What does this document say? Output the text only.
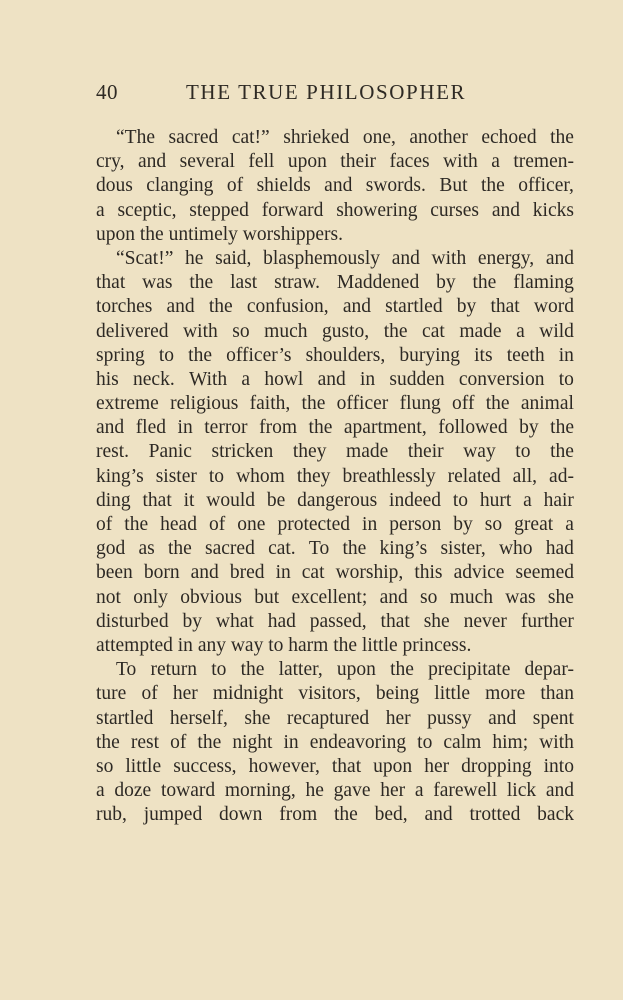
40	THE TRUE PHILOSOPHER
“The sacred cat!” shrieked one, another echoed the
cry, and several fell upon their faces with a tremen-
dous clanging of shields and swords. But the officer,
a sceptic, stepped forward showering curses and kicks
upon the untimely worshippers.
“Scat!” he said, blasphemously and with energy, and
that was the last straw. Maddened by the flaming
torches and the confusion, and startled by that word
delivered with so much gusto, the cat made a wild
spring to the officer’s shoulders, burying its teeth in
his neck. With a howl and in sudden conversion to
extreme religious faith, the officer flung off the animal
and fled in terror from the apartment, followed by the
rest. Panic stricken they made their way to the
king’s sister to whom they breathlessly related all, ad-
ding that it would be dangerous indeed to hurt a hair
of the head of one protected in person by so great a
god as the sacred cat. To the king’s sister, who had
been born and bred in cat worship, this advice seemed
not only obvious but excellent; and so much was she
disturbed by what had passed, that she never further
attempted in any way to harm the little princess.
To return to the latter, upon the precipitate depar-
ture of her midnight visitors, being little more than
startled herself, she recaptured her pussy and spent
the rest of the night in endeavoring to calm him; with
so little success, however, that upon her dropping into
a doze toward morning, he gave her a farewell lick and
rub, jumped down from the bed, and trotted back
